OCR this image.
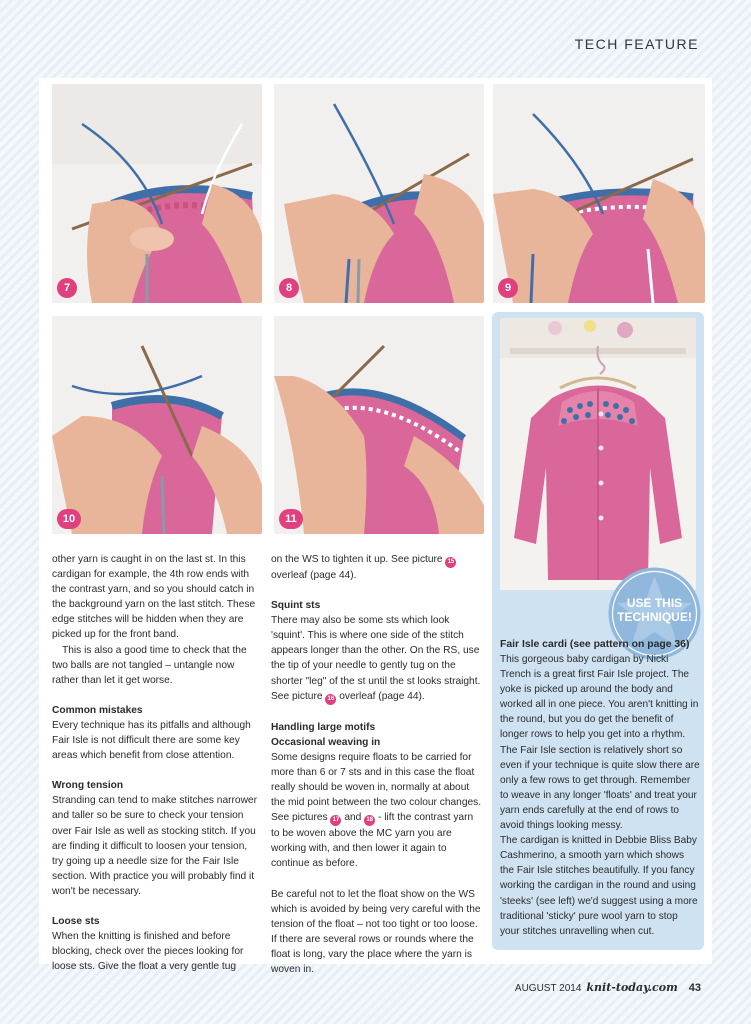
TECH FEATURE
7	8	9
10	11

other yarn is caught in on the last st. In this cardigan for example, the 4th row ends with the contrast yarn, and so you should catch in the background yarn on the last stitch. These edge stitches will be hidden when they are picked up for the front band.

This is also a good time to check that the two balls are not tangled – untangle now rather than let it get worse.

Common mistakes

Every technique has its pitfalls and although Fair Isle is not difficult there are some key areas which benefit from close attention.

Wrong tension

Stranding can tend to make stitches narrower and taller so be sure to check your tension over Fair Isle as well as stocking stitch. If you are finding it difficult to loosen your tension, try going up a needle size for the Fair Isle section. With practice you will probably find it won't be necessary.

Loose sts

When the knitting is finished and before blocking, check over the pieces looking for loose sts. Give the float a very gentle tug

on the WS to tighten it up. See picture 15 overleaf (page 44).

Squint sts

There may also be some sts which look 'squint'. This is where one side of the stitch appears longer than the other. On the RS, use the tip of your needle to gently tug on the shorter "leg" of the st until the st looks straight. See picture 16 overleaf (page 44).

Handling large motifs
Occasional weaving in

Some designs require floats to be carried for more than 6 or 7 sts and in this case the float really should be woven in, normally at about the mid point between the two colour changes. See pictures 17 and 18 - lift the contrast yarn to be woven above the MC yarn you are working with, and then lower it again to continue as before.

Be careful not to let the float show on the WS which is avoided by being very careful with the tension of the float – not too tight or too loose. If there are several rows or rounds where the float is long, vary the place where the yarn is woven in.

USE THIS
TECHNIQUE!
Fair Isle cardi (see pattern on page 36)

This gorgeous baby cardigan by Nicki Trench is a great first Fair Isle project. The yoke is picked up around the body and worked all in one piece. You aren't knitting in the round, but you do get the benefit of longer rows to help you get into a rhythm. The Fair Isle section is relatively short so even if your technique is quite slow there are only a few rows to get through. Remember to weave in any longer 'floats' and treat your yarn ends carefully at the end of rows to avoid things looking messy.

The cardigan is knitted in Debbie Bliss Baby Cashmerino, a smooth yarn which shows the Fair Isle stitches beautifully. If you fancy working the cardigan in the round and using 'steeks' (see left) we'd suggest using a more traditional 'sticky' pure wool yarn to stop your stitches unravelling when cut.

AUGUST 2014 knit-today.com 43
